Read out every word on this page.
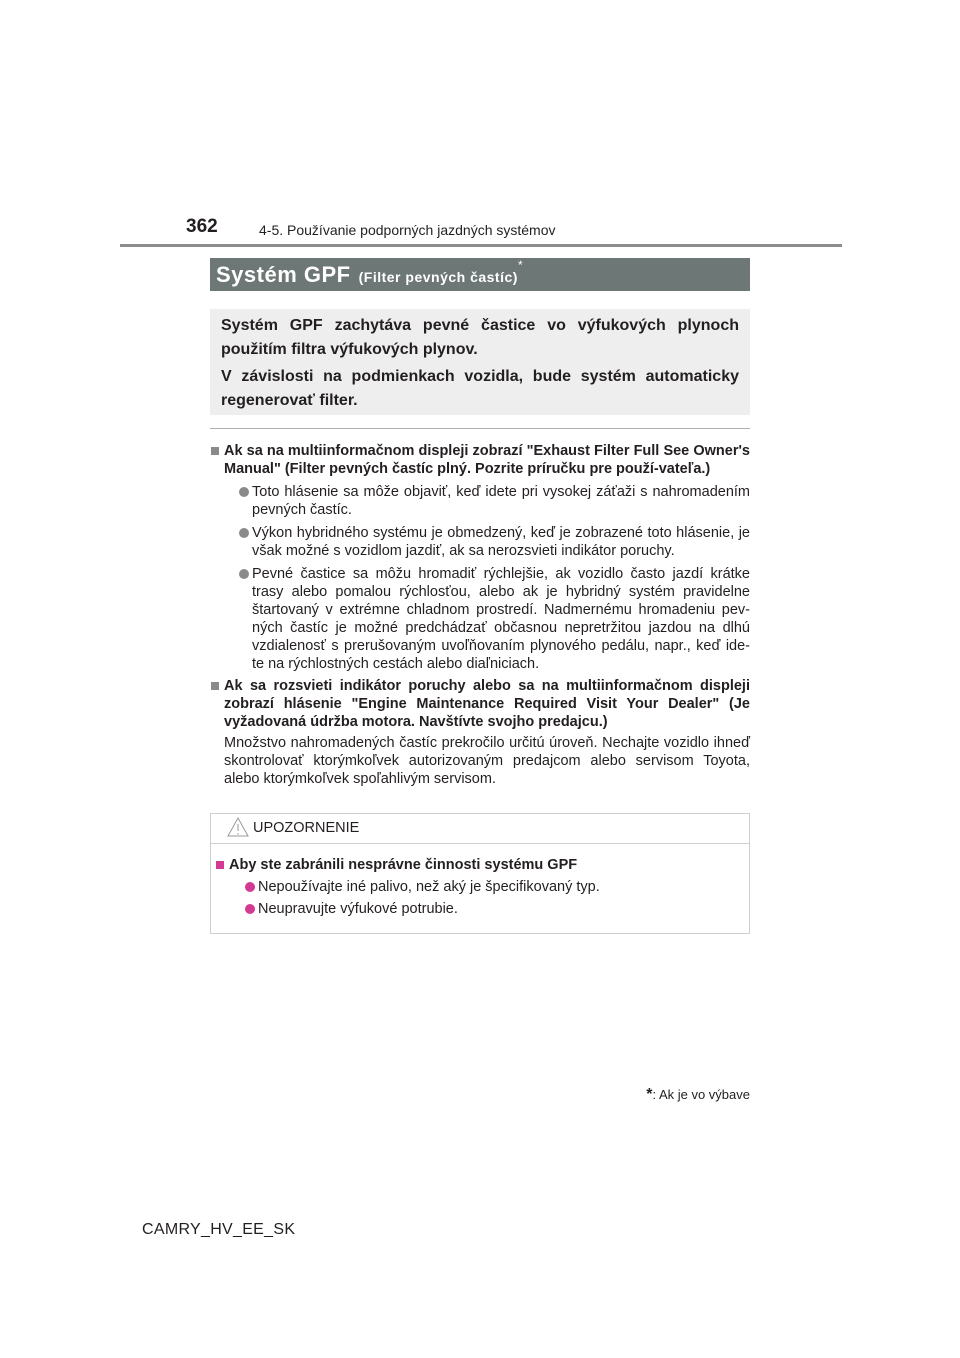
362	4-5. Používanie podporných jazdných systémov
Systém GPF (Filter pevných častíc)
*

Systém GPF zachytáva pevné častice vo výfukových plynoch použitím filtra výfukových plynov.

V závislosti na podmienkach vozidla, bude systém automaticky regenerovať filter.

Ak sa na multiinformačnom displeji zobrazí "Exhaust Filter Full See Owner's Manual" (Filter pevných častíc plný. Pozrite príručku pre použí-vateľa.)
Toto hlásenie sa môže objaviť, keď idete pri vysokej záťaži s nahromadením pevných častíc.
Výkon hybridného systému je obmedzený, keď je zobrazené toto hlásenie, je však možné s vozidlom jazdiť, ak sa nerozsvieti indikátor poruchy.
Pevné častice sa môžu hromadiť rýchlejšie, ak vozidlo často jazdí krátke trasy alebo pomalou rýchlosťou, alebo ak je hybridný systém pravidelne štartovaný v extrémne chladnom prostredí. Nadmernému hromadeniu pev-ných častíc je možné predchádzať občasnou nepretržitou jazdou na dlhú vzdialenosť s prerušovaným uvoľňovaním plynového pedálu, napr., keď ide-te na rýchlostných cestách alebo diaľniciach.
Ak sa rozsvieti indikátor poruchy alebo sa na multiinformačnom displeji zobrazí hlásenie "Engine Maintenance Required Visit Your Dealer" (Je vyžadovaná údržba motora. Navštívte svojho predajcu.)
Množstvo nahromadených častíc prekročilo určitú úroveň. Nechajte vozidlo ihneď skontrolovať ktorýmkoľvek autorizovaným predajcom alebo servisom Toyota, alebo ktorýmkoľvek spoľahlivým servisom.
UPOZORNENIE
Aby ste zabránili nesprávne činnosti systému GPF
Nepoužívajte iné palivo, než aký je špecifikovaný typ.
Neupravujte výfukové potrubie.
*: Ak je vo výbave
CAMRY_HV_EE_SK
